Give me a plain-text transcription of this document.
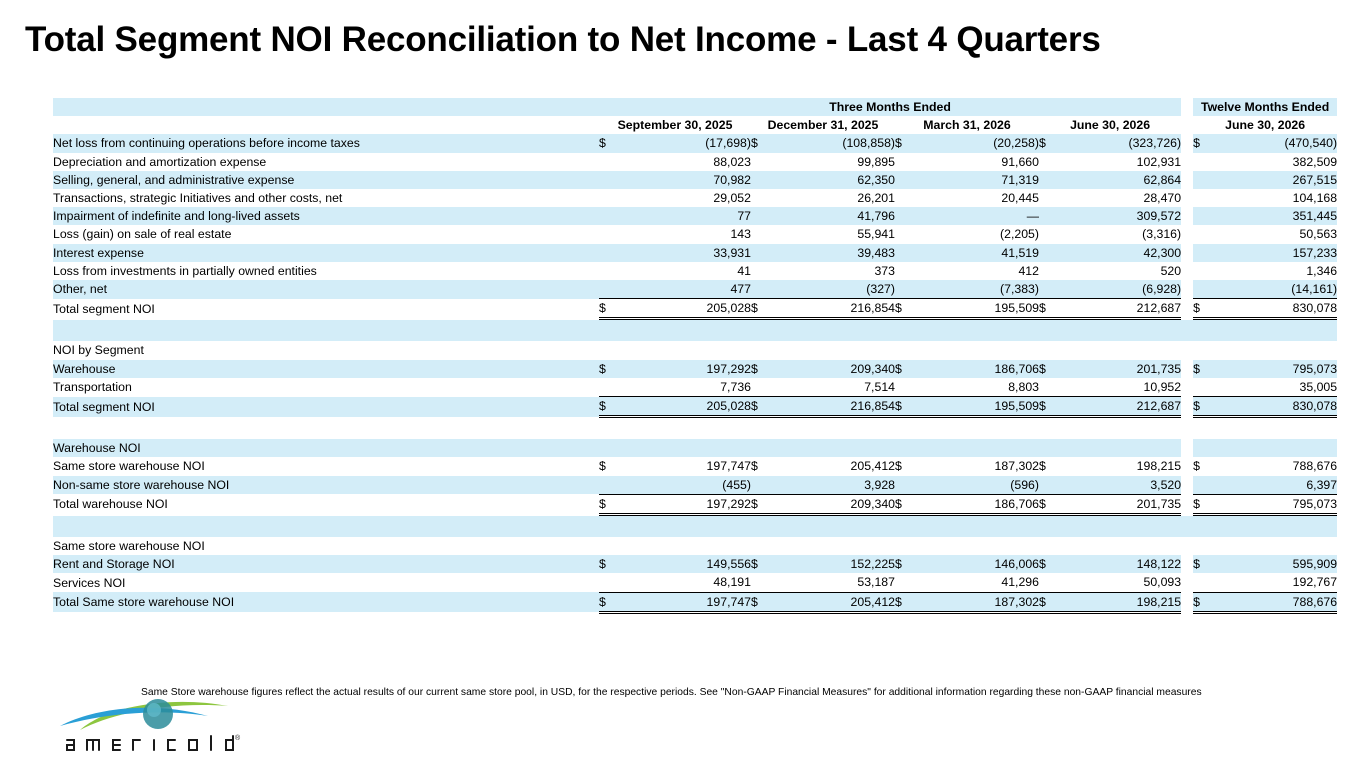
Total Segment NOI Reconciliation to Net Income - Last 4 Quarters
	Three Months Ended									Twelve Months Ended	
	September 30, 2025		December 31, 2025		March 31, 2026		June 30, 2026			June 30, 2026	
Net loss from continuing operations before income taxes	$	(17,698)	$	(108,858)	$	(20,258)	$	(323,726)		$	(470,540)
Depreciation and amortization expense		88,023		99,895		91,660		102,931			382,509
Selling, general, and administrative expense		70,982		62,350		71,319		62,864			267,515
Transactions, strategic Initiatives and other costs, net		29,052		26,201		20,445		28,470			104,168
Impairment of indefinite and long-lived assets		77		41,796		—		309,572			351,445
Loss (gain) on sale of real estate		143		55,941		(2,205)		(3,316)			50,563
Interest expense		33,931		39,483		41,519		42,300			157,233
Loss from investments in partially owned entities		41		373		412		520			1,346
Other, net		477		(327)		(7,383)		(6,928)			(14,161)
Total segment NOI	$	205,028	$	216,854	$	195,509	$	212,687		$	830,078

NOI by Segment											
Warehouse	$	197,292	$	209,340	$	186,706	$	201,735		$	795,073
Transportation		7,736		7,514		8,803		10,952			35,005
Total segment NOI	$	205,028	$	216,854	$	195,509	$	212,687		$	830,078

Warehouse NOI											
Same store warehouse NOI	$	197,747	$	205,412	$	187,302	$	198,215		$	788,676
Non-same store warehouse NOI		(455)		3,928		(596)		3,520			6,397
Total warehouse NOI	$	197,292	$	209,340	$	186,706	$	201,735		$	795,073

Same store warehouse NOI											
Rent and Storage NOI	$	149,556	$	152,225	$	146,006	$	148,122		$	595,909
Services NOI		48,191		53,187		41,296		50,093			192,767
Total Same store warehouse NOI	$	197,747	$	205,412	$	187,302	$	198,215		$	788,676
Same Store warehouse figures reflect the actual results of our current same store pool, in USD, for the respective periods. See "Non-GAAP Financial Measures" for additional information regarding these non-GAAP financial measures
®
